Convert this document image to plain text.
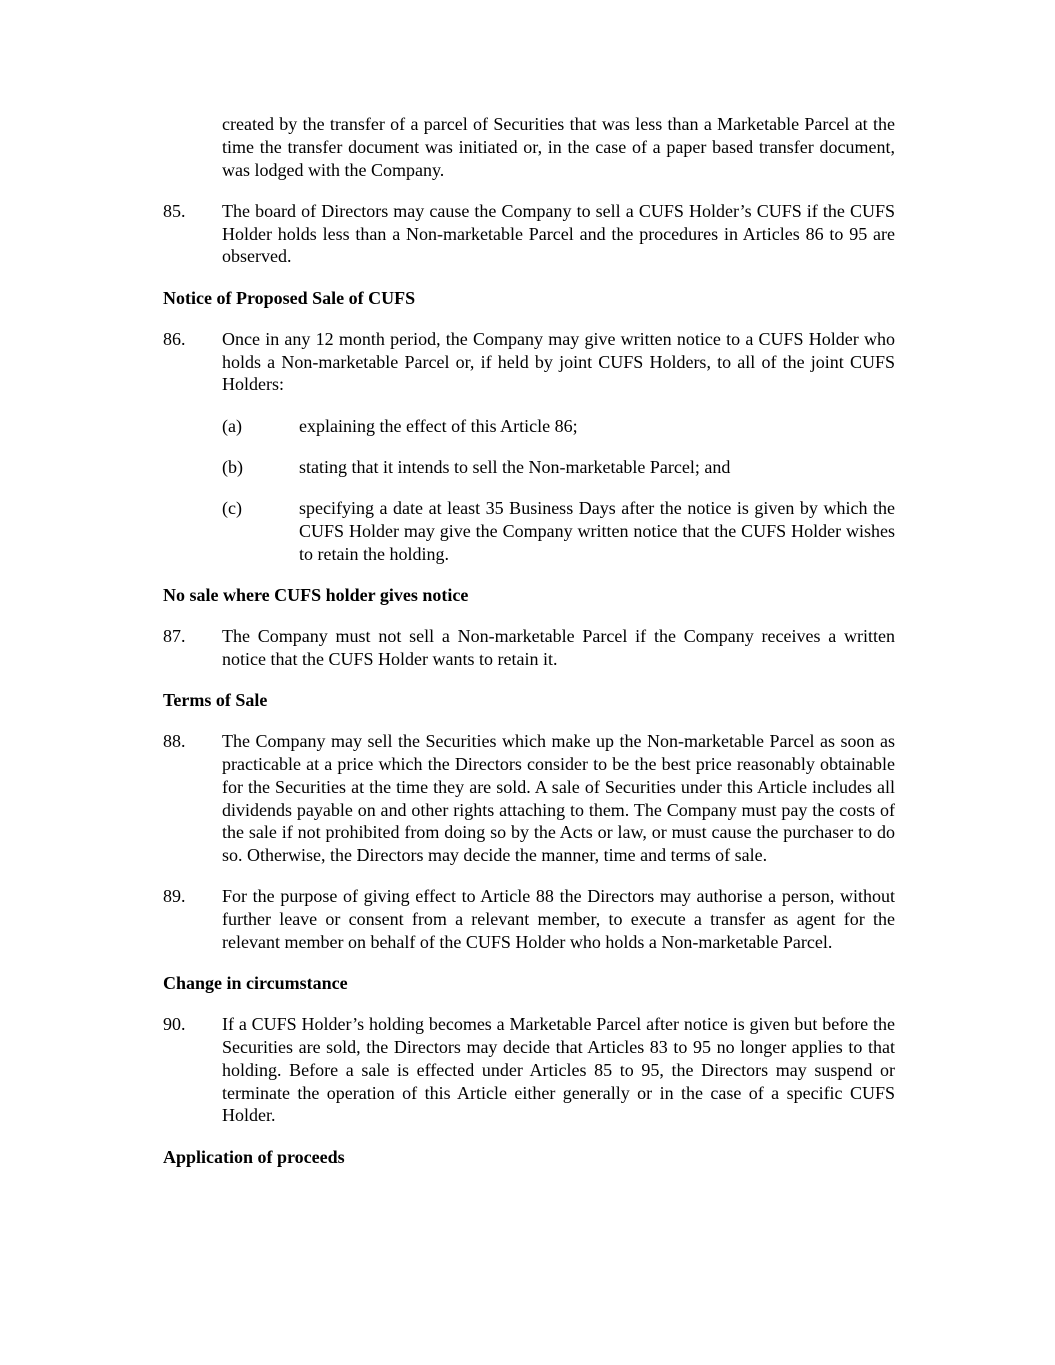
created by the transfer of a parcel of Securities that was less than a Marketable Parcel at the time the transfer document was initiated or, in the case of a paper based transfer document, was lodged with the Company.

85.	The board of Directors may cause the Company to sell a CUFS Holder’s CUFS if the CUFS Holder holds less than a Non-marketable Parcel and the procedures in Articles 86 to 95 are observed.
Notice of Proposed Sale of CUFS
86.	Once in any 12 month period, the Company may give written notice to a CUFS Holder who holds a Non-marketable Parcel or, if held by joint CUFS Holders, to all of the joint CUFS Holders:
(a)	explaining the effect of this Article 86;
(b)	stating that it intends to sell the Non-marketable Parcel; and
(c)	specifying a date at least 35 Business Days after the notice is given by which the CUFS Holder may give the Company written notice that the CUFS Holder wishes to retain the holding.
No sale where CUFS holder gives notice
87.	The Company must not sell a Non-marketable Parcel if the Company receives a written notice that the CUFS Holder wants to retain it.
Terms of Sale
88.	The Company may sell the Securities which make up the Non-marketable Parcel as soon as practicable at a price which the Directors consider to be the best price reasonably obtainable for the Securities at the time they are sold. A sale of Securities under this Article includes all dividends payable on and other rights attaching to them. The Company must pay the costs of the sale if not prohibited from doing so by the Acts or law, or must cause the purchaser to do so. Otherwise, the Directors may decide the manner, time and terms of sale.
89.	For the purpose of giving effect to Article 88 the Directors may authorise a person, without further leave or consent from a relevant member, to execute a transfer as agent for the relevant member on behalf of the CUFS Holder who holds a Non-marketable Parcel.
Change in circumstance
90.	If a CUFS Holder’s holding becomes a Marketable Parcel after notice is given but before the Securities are sold, the Directors may decide that Articles 83 to 95 no longer applies to that holding. Before a sale is effected under Articles 85 to 95, the Directors may suspend or terminate the operation of this Article either generally or in the case of a specific CUFS Holder.
Application of proceeds
